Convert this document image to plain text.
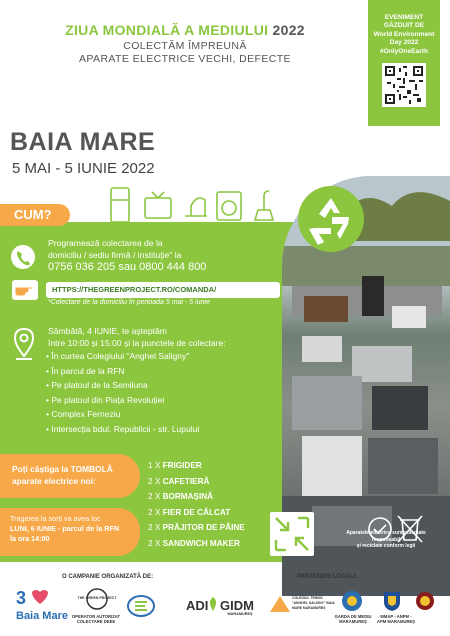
ZIUA MONDIALĂ A MEDIULUI 2022
COLECTĂM ÎMPREUNĂ
APARATE ELECTRICE VECHI, DEFECTE
EVENIMENT
GĂZDUIT DE
World Environment
Day 2022
#OnlyOneEarth
BAIA MARE
5 MAI - 5 IUNIE 2022
CUM?
Programează colectarea de la
domiciliu / sediu firmă / instituție" la
0756 036 205 sau 0800 444 800
HTTPS://THEGREENPROJECT.RO/COMANDA/
*Colectare de la domiciliu în perioada 5 mai - 5 iunie
Sâmbătă, 4 IUNIE, te așteptăm
între 10:00 și 15:00 și la punctele de colectare:
• În curtea Colegiului "Anghel Saligny"
• În parcul de la RFN
• Pe platoul de la Semiluna
• Pe platoul din Piața Revoluției
• Complex Ferneziu
• Intersecția bdul. Republicii - str. Lupului
Poți câștiga la TOMBOLĂ
aparate electrice noi:
Tragerea la sorți va avea loc
LUNI, 6 IUNIE - parcul de la RFN
la ora 14:00
1 X FRIGIDER
2 X CAFETIERĂ
2 X BORMAȘINĂ
2 X FIER DE CĂLCAT
2 X PRĂJITOR DE PÂINE
2 X SANDWICH MAKER
Aparatele electrice sunt colectate
responsabil
și reciclate conform legii
O CAMPANIE ORGANIZATĂ DE:	PARTENERI LOCALI:
3
Baia Mare
THE GREEN PROJECT
OPERATOR AUTORIZAT COLECTARE DEEE
ADI GIDM
MARAMUREȘ
COLEGIUL TEHNIC "ANGHEL SALIGNY" BAIA MARE MARAMUREȘ
GARDA DE MEDIU MARAMUREȘ
MMAP - ANPM - APM MARAMUREȘ
